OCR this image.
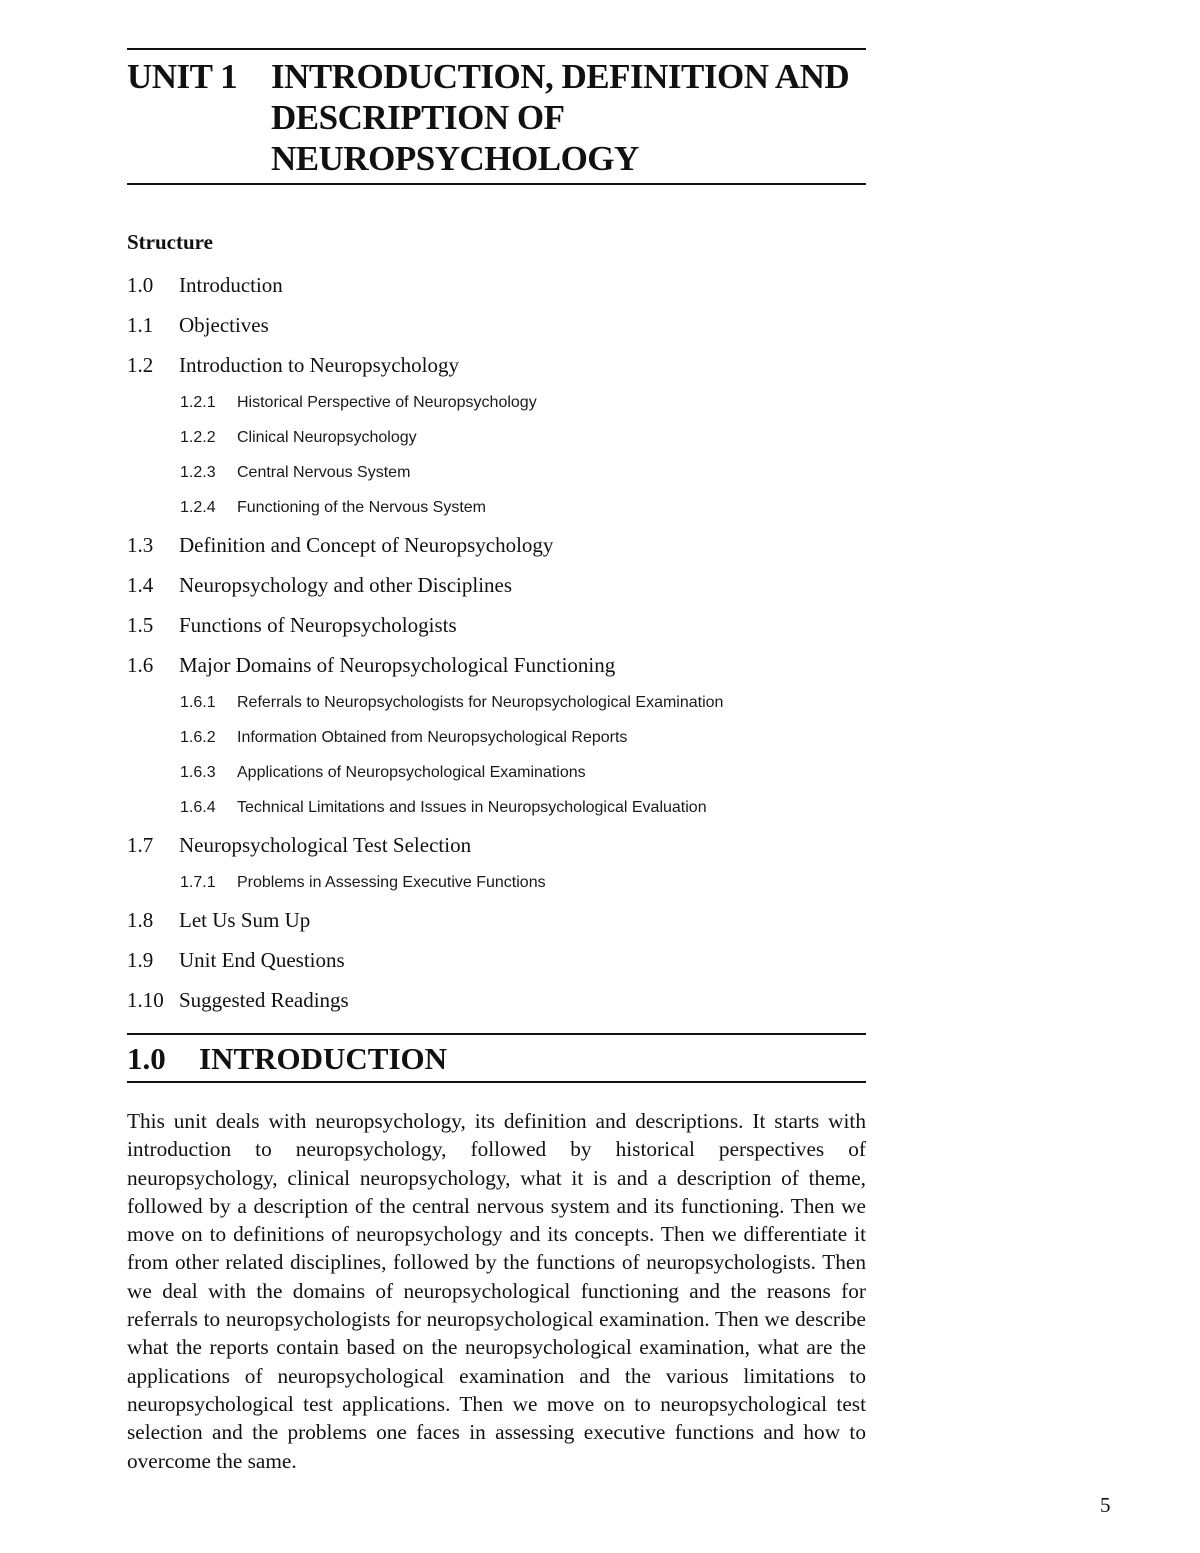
UNIT 1 INTRODUCTION, DEFINITION AND
DESCRIPTION OF
NEUROPSYCHOLOGY
Structure
1.0	Introduction
1.1	Objectives
1.2	Introduction to Neuropsychology
1.2.1	Historical Perspective of Neuropsychology
1.2.2	Clinical Neuropsychology
1.2.3	Central Nervous System
1.2.4	Functioning of the Nervous System
1.3	Definition and Concept of Neuropsychology
1.4	Neuropsychology and other Disciplines
1.5	Functions of Neuropsychologists
1.6	Major Domains of Neuropsychological Functioning
1.6.1	Referrals to Neuropsychologists for Neuropsychological Examination
1.6.2	Information Obtained from Neuropsychological Reports
1.6.3	Applications of Neuropsychological Examinations
1.6.4	Technical Limitations and Issues in Neuropsychological Evaluation
1.7	Neuropsychological Test Selection
1.7.1	Problems in Assessing Executive Functions
1.8	Let Us Sum Up
1.9	Unit End Questions
1.10 Suggested Readings
1.0	INTRODUCTION

This unit deals with neuropsychology, its definition and descriptions. It starts with introduction to neuropsychology, followed by historical perspectives of neuropsychology, clinical neuropsychology, what it is and a description of theme, followed by a description of the central nervous system and its functioning. Then we move on to definitions of neuropsychology and its concepts. Then we differentiate it from other related disciplines, followed by the functions of neuropsychologists. Then we deal with the domains of neuropsychological functioning and the reasons for referrals to neuropsychologists for neuropsychological examination. Then we describe what the reports contain based on the neuropsychological examination, what are the applications of neuropsychological examination and the various limitations to neuropsychological test applications. Then we move on to neuropsychological test selection and the problems one faces in assessing executive functions and how to overcome the same.

5
